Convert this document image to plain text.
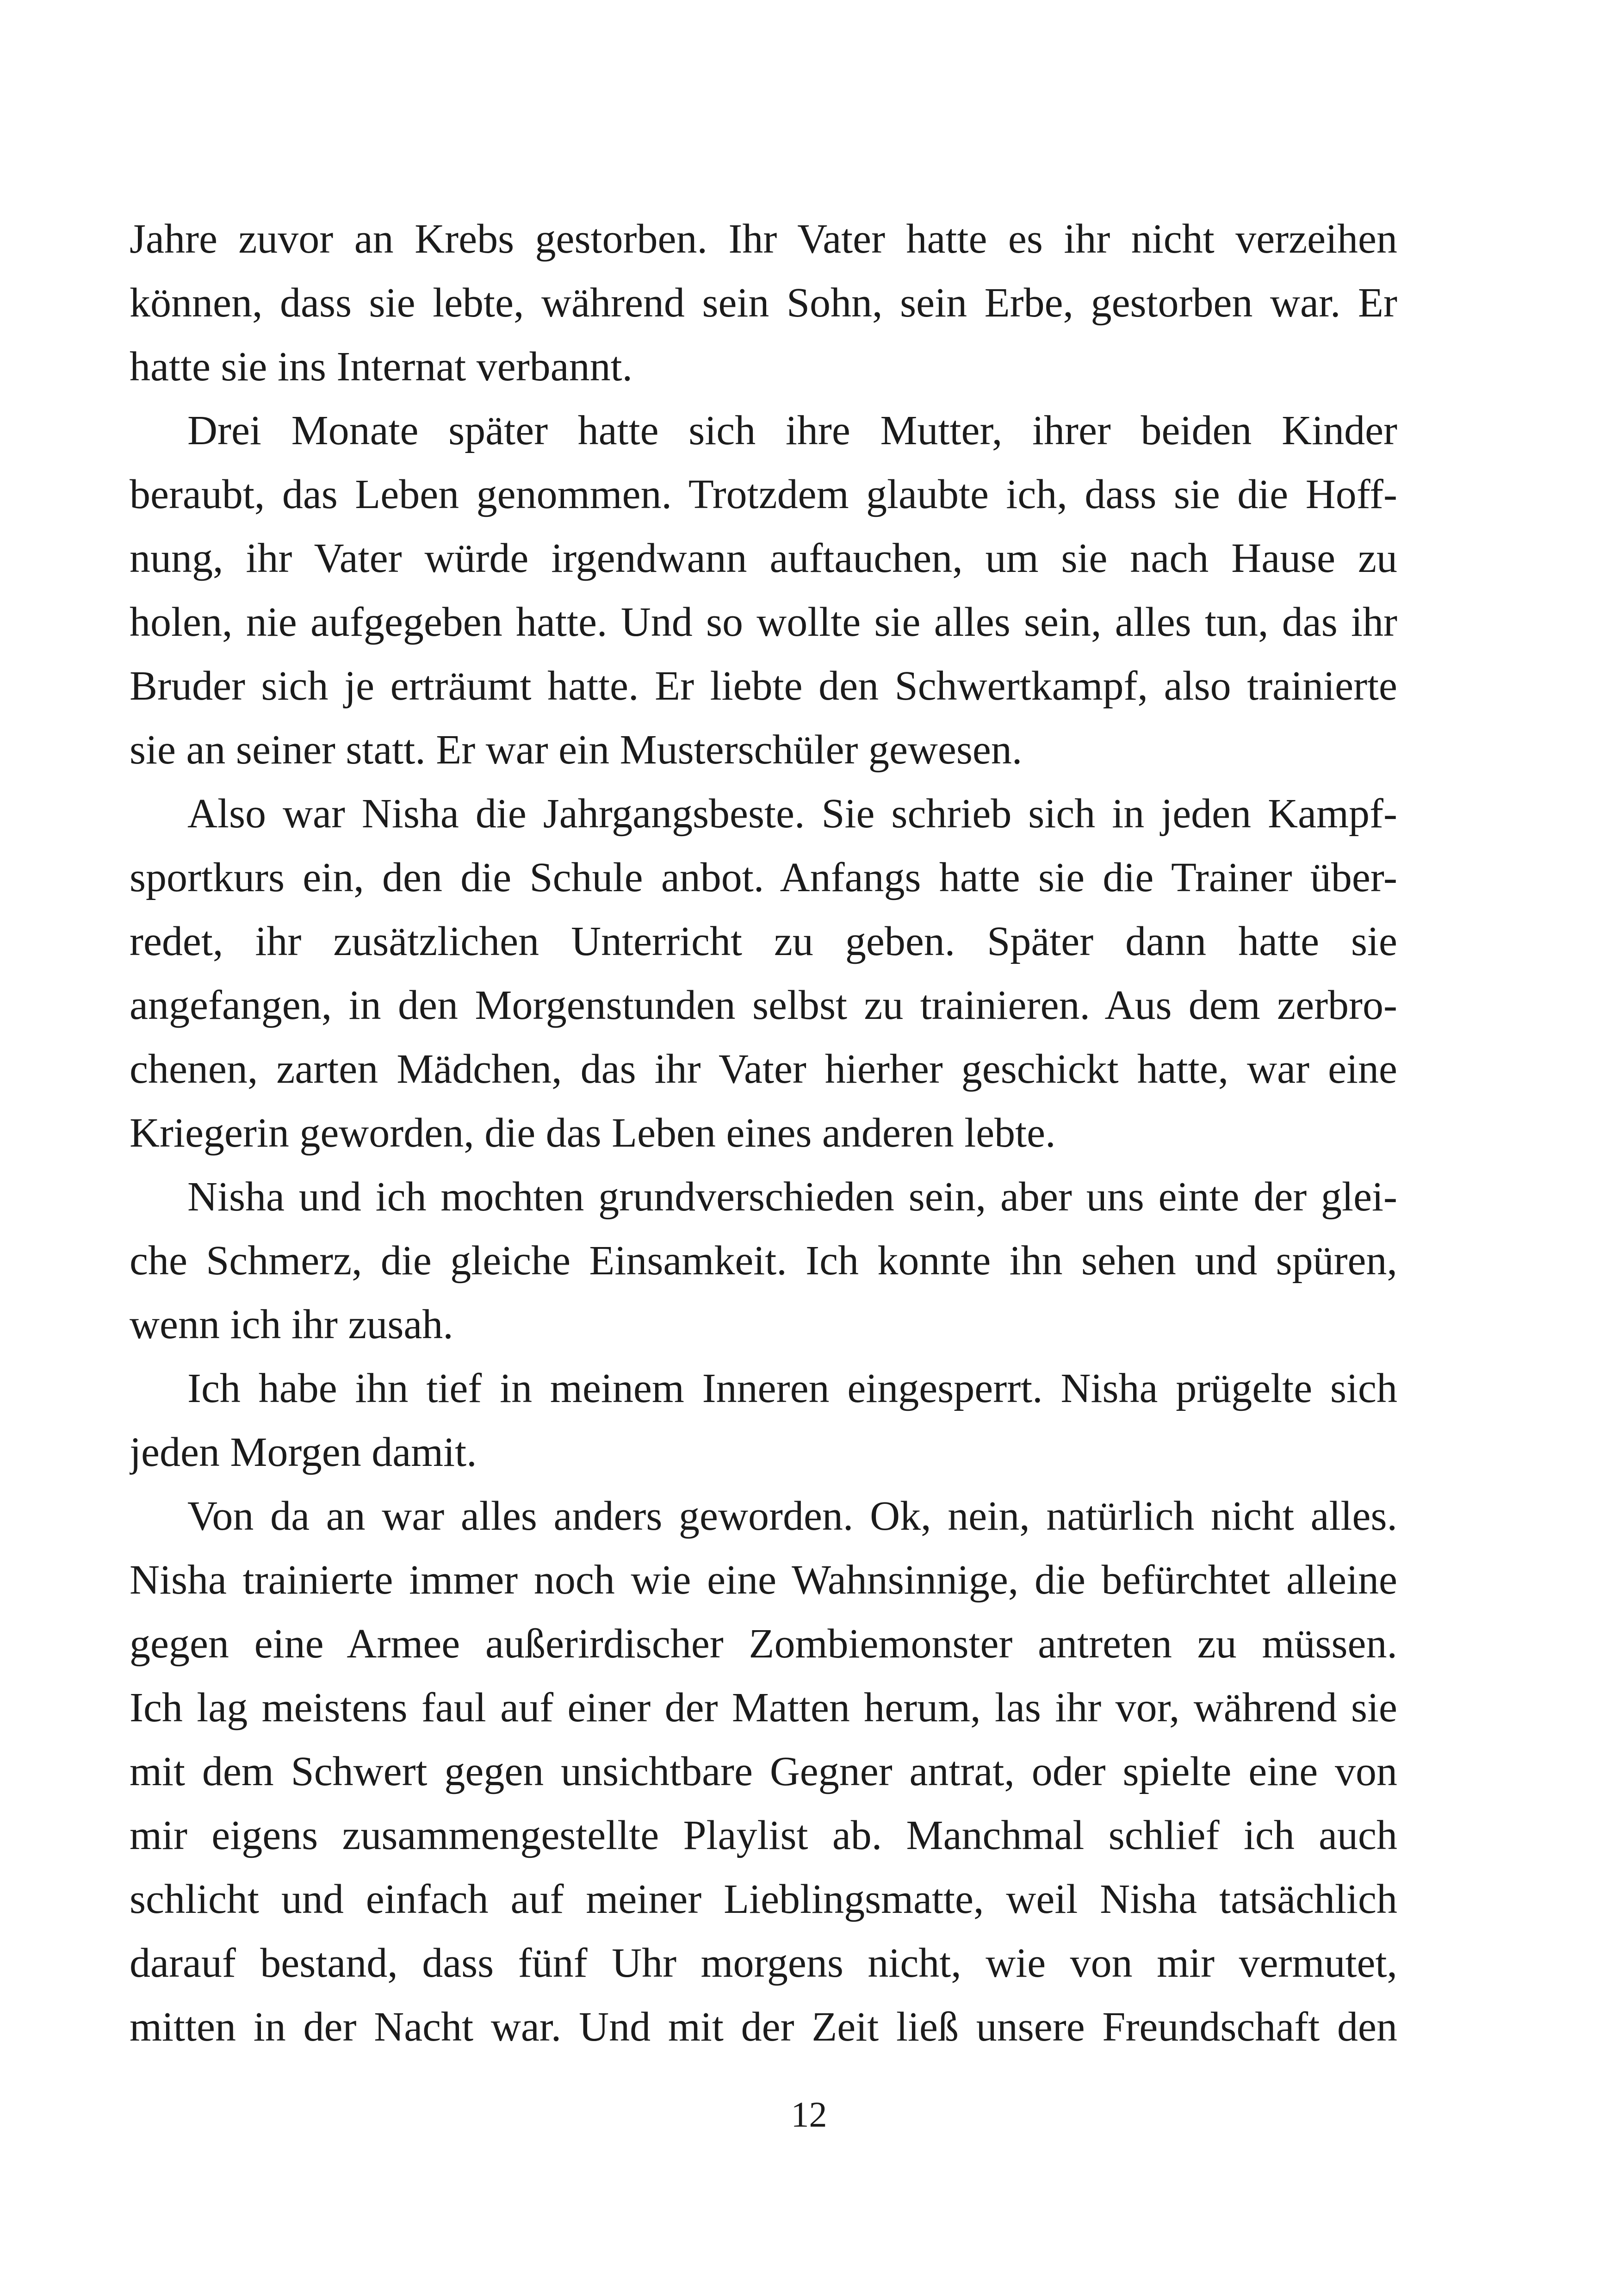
Jahre zuvor an Krebs gestorben. Ihr Vater hatte es ihr nicht verzeihen
können, dass sie lebte, während sein Sohn, sein Erbe, gestorben war. Er
hatte sie ins Internat verbannt.
Drei Monate später hatte sich ihre Mutter, ihrer beiden Kinder
beraubt, das Leben genommen. Trotzdem glaubte ich, dass sie die Hoff-
nung, ihr Vater würde irgendwann auftauchen, um sie nach Hause zu
holen, nie aufgegeben hatte. Und so wollte sie alles sein, alles tun, das ihr
Bruder sich je erträumt hatte. Er liebte den Schwertkampf, also trainierte
sie an seiner statt. Er war ein Musterschüler gewesen.
Also war Nisha die Jahrgangsbeste. Sie schrieb sich in jeden Kampf-
sportkurs ein, den die Schule anbot. Anfangs hatte sie die Trainer über-
redet, ihr zusätzlichen Unterricht zu geben. Später dann hatte sie
angefangen, in den Morgenstunden selbst zu trainieren. Aus dem zerbro-
chenen, zarten Mädchen, das ihr Vater hierher geschickt hatte, war eine
Kriegerin geworden, die das Leben eines anderen lebte.
Nisha und ich mochten grundverschieden sein, aber uns einte der glei-
che Schmerz, die gleiche Einsamkeit. Ich konnte ihn sehen und spüren,
wenn ich ihr zusah.
Ich habe ihn tief in meinem Inneren eingesperrt. Nisha prügelte sich
jeden Morgen damit.
Von da an war alles anders geworden. Ok, nein, natürlich nicht alles.
Nisha trainierte immer noch wie eine Wahnsinnige, die befürchtet alleine
gegen eine Armee außerirdischer Zombiemonster antreten zu müssen.
Ich lag meistens faul auf einer der Matten herum, las ihr vor, während sie
mit dem Schwert gegen unsichtbare Gegner antrat, oder spielte eine von
mir eigens zusammengestellte Playlist ab. Manchmal schlief ich auch
schlicht und einfach auf meiner Lieblingsmatte, weil Nisha tatsächlich
darauf bestand, dass fünf Uhr morgens nicht, wie von mir vermutet,
mitten in der Nacht war. Und mit der Zeit ließ unsere Freundschaft den
12
